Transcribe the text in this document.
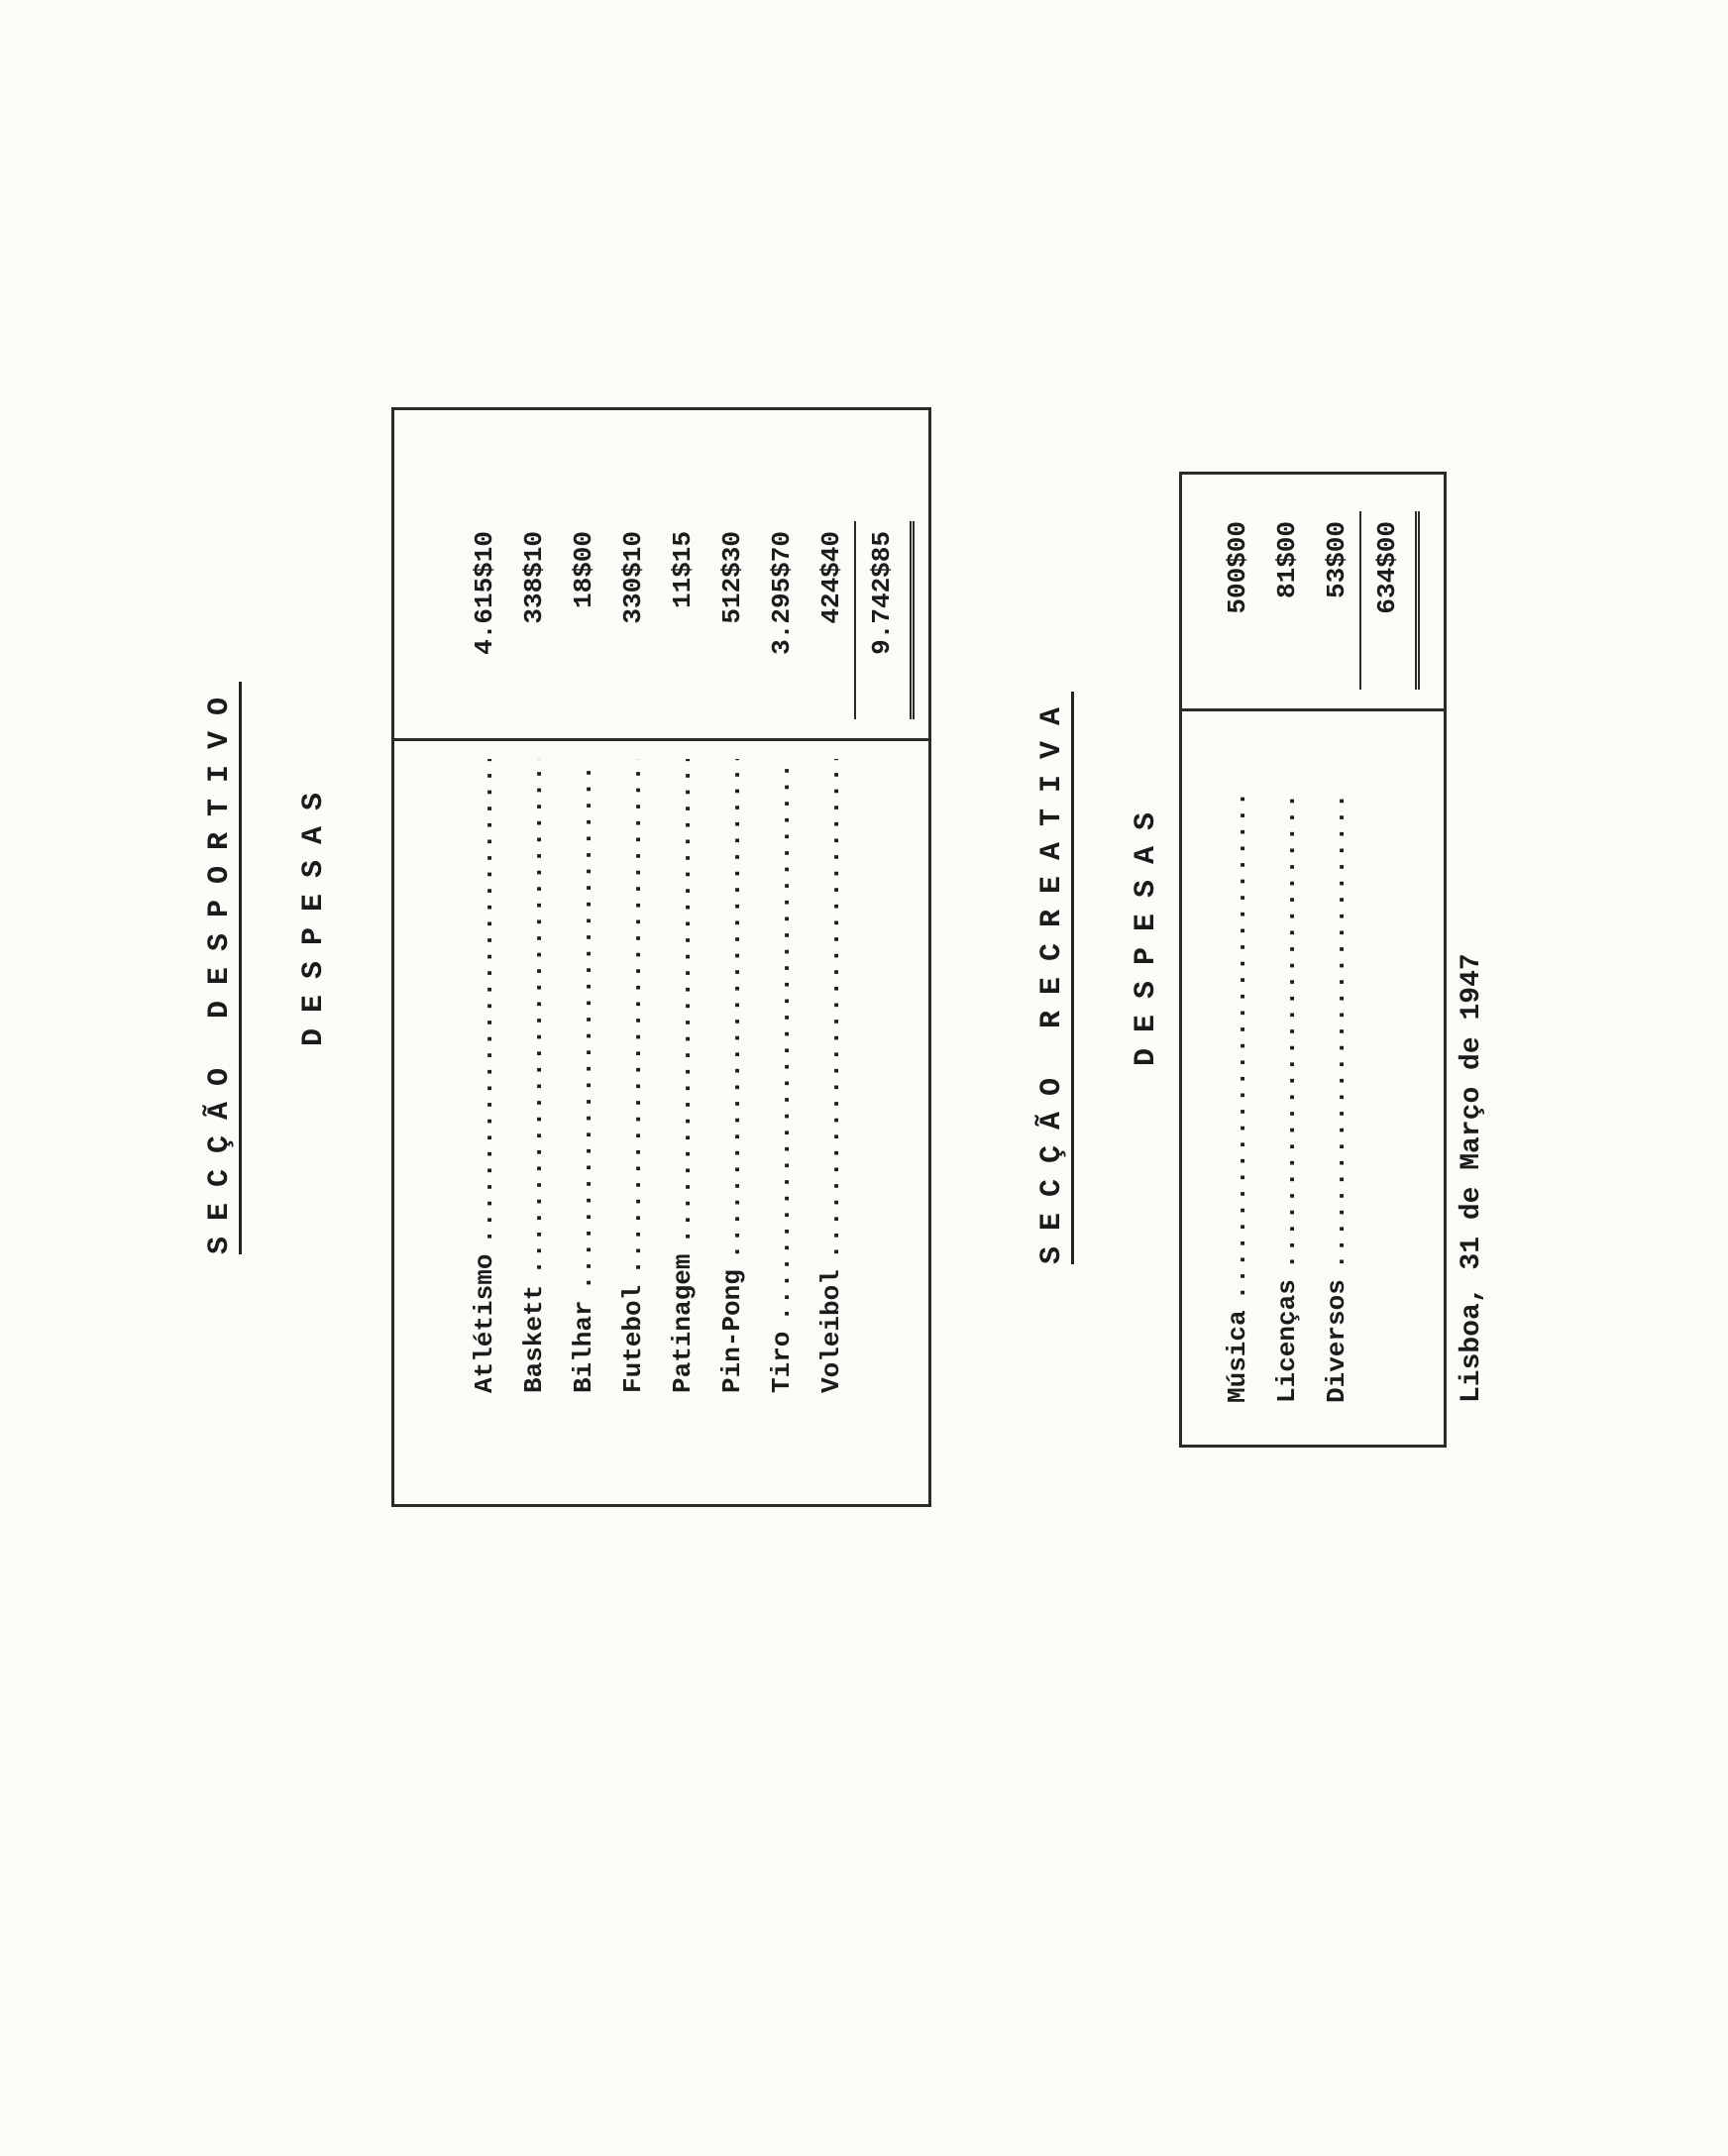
SECÇÃO DESPORTIVO DESPESAS
Atlétismo
..... Baskett
..... Bilhar
..... Futebol
..... Patinagem
..... Pin-Pong
..... Tiro
..... Voleibol
.....
4.615$10 338$10 18$00 330$10 11$15 512$30 3.295$70 424$40 9.742$85
SECÇÃO RECREATIVA DESPESAS
Música
..... Licenças
..... Diversos
.....
500$00 81$00 53$00 634$00
Lisboa, 31 de Março de 1947
